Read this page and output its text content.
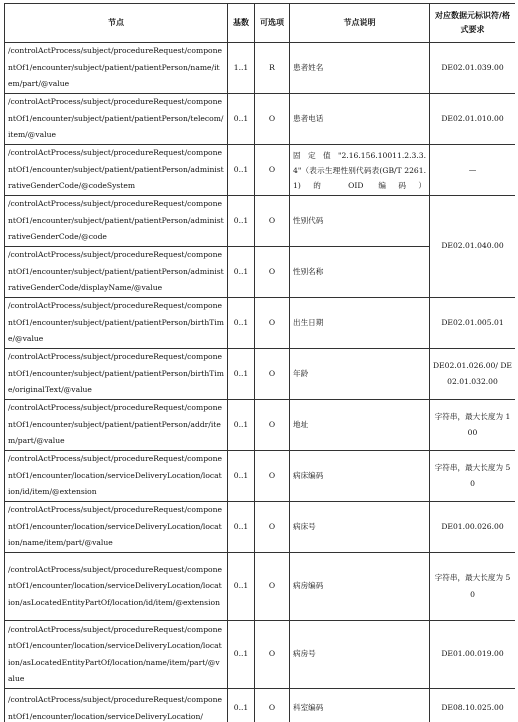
节点	基数	可选项	节点说明	对应数据元标识符/格式要求
/controlActProcess/subject/procedureRequest/componentOf1/encounter/subject/patient/patientPerson/name/item/part/@value	1..1	R	患者姓名	DE02.01.039.00
/controlActProcess/subject/procedureRequest/componentOf1/encounter/subject/patient/patientPerson/telecom/item/@value	0..1	O	患者电话	DE02.01.010.00
/controlActProcess/subject/procedureRequest/componentOf1/encounter/subject/patient/patientPerson/administrativeGenderCode/@codeSystem	0..1	O	固定值"2.16.156.10011.2.3.3.4"（表示生理性别代码表(GB/T 2261.1)的 OID 编码）	—
/controlActProcess/subject/procedureRequest/componentOf1/encounter/subject/patient/patientPerson/administrativeGenderCode/@code	0..1	O	性别代码	DE02.01.040.00
/controlActProcess/subject/procedureRequest/componentOf1/encounter/subject/patient/patientPerson/administrativeGenderCode/displayName/@value	0..1	O	性别名称	
/controlActProcess/subject/procedureRequest/componentOf1/encounter/subject/patient/patientPerson/birthTime/@value	0..1	O	出生日期	DE02.01.005.01
/controlActProcess/subject/procedureRequest/componentOf1/encounter/subject/patient/patientPerson/birthTime/originalText/@value	0..1	O	年龄	DE02.01.026.00/ DE02.01.032.00
/controlActProcess/subject/procedureRequest/componentOf1/encounter/subject/patient/patientPerson/addr/item/part/@value	0..1	O	地址	字符串，最大长度为 100
/controlActProcess/subject/procedureRequest/componentOf1/encounter/location/serviceDeliveryLocation/location/id/item/@extension	0..1	O	病床编码	字符串，最大长度为 50
/controlActProcess/subject/procedureRequest/componentOf1/encounter/location/serviceDeliveryLocation/location/name/item/part/@value	0..1	O	病床号	DE01.00.026.00
/controlActProcess/subject/procedureRequest/componentOf1/encounter/location/serviceDeliveryLocation/location/asLocatedEntityPartOf/location/id/item/@extension	0..1	O	病房编码	字符串，最大长度为 50
/controlActProcess/subject/procedureRequest/componentOf1/encounter/location/serviceDeliveryLocation/location/asLocatedEntityPartOf/location/name/item/part/@value	0..1	O	病房号	DE01.00.019.00
/controlActProcess/subject/procedureRequest/componentOf1/encounter/location/serviceDeliveryLocation/	0..1	O	科室编码	DE08.10.025.00
